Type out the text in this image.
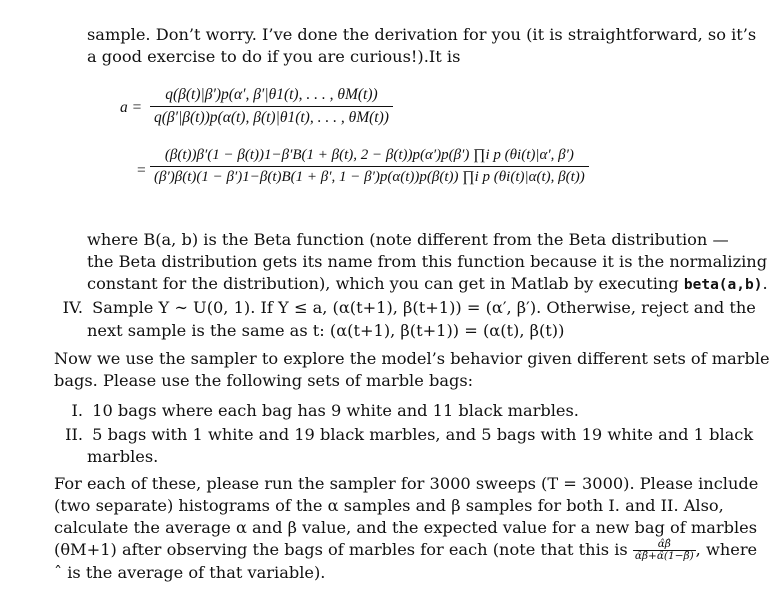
sample. Don’t worry. I’ve done the derivation for you (it is straightforward, so it’s
a good exercise to do if you are curious!).It is
$a = \frac{q(\beta(t)|\beta')p(\alpha', \beta'|\theta 1(t), . . . , \theta M(t))}{q(\beta'|\beta(t))p(\alpha(t), \beta(t)|\theta 1(t), . . . , \theta M(t))}$
=
(β(t))β′(1 − β(t))1−β′B(1 + β(t), 2 − β(t))p(α′)p(β′) ∏i p (θi(t)|α′, β′)
(β′)β(t)(1 − β′)1−β(t)B(1 + β′, 1 − β′)p(α(t))p(β(t)) ∏i p (θi(t)|α(t), β(t))
where B(a, b) is the Beta function (note different from the Beta distribution —
the Beta distribution gets its name from this function because it is the normalizing
constant for the distribution), which you can get in Matlab by executing beta(a,b).
IV. Sample Y ∼ U(0, 1). If Y ≤ a, (α(t+1), β(t+1)) = (α′, β′). Otherwise, reject and the
next sample is the same as t: (α(t+1), β(t+1)) = (α(t), β(t))
Now we use the sampler to explore the model’s behavior given different sets of marble
bags. Please use the following sets of marble bags:
I. 10 bags where each bag has 9 white and 11 black marbles.
II. 5 bags with 1 white and 19 black marbles, and 5 bags with 19 white and 1 black
marbles.
For each of these, please run the sampler for 3000 sweeps (T = 3000). Please include
(two separate) histograms of the α samples and β samples for both I. and II. Also,
calculate the average α and β value, and the expected value for a new bag of marbles
(θM+1) after observing the bags of marbles for each (note that this is $\frac{\alphâ\betâ}{\alphâ\betâ+\alphâ(1-\betâ)}$ , where
ˆ is the average of that variable).
